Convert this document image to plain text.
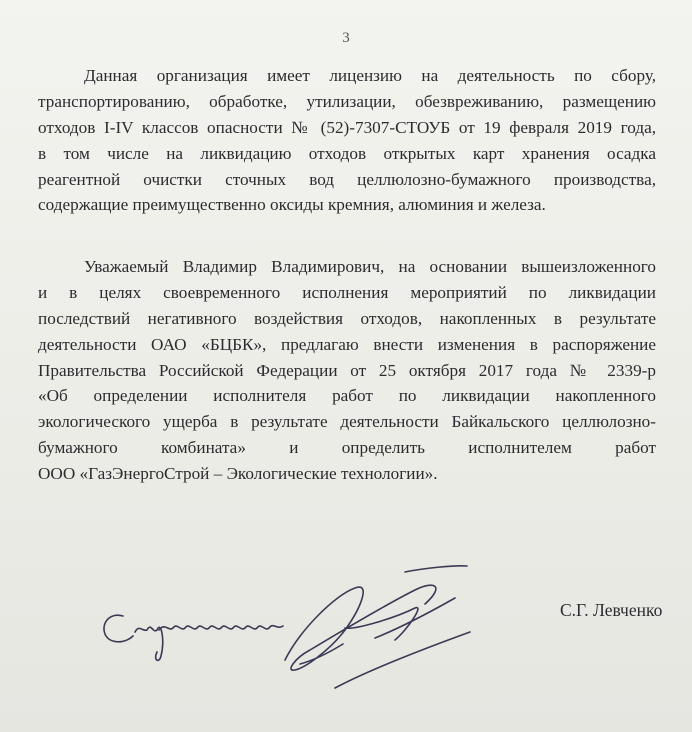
3
Данная организация имеет лицензию на деятельность по сбору,
транспортированию, обработке, утилизации, обезвреживанию, размещению
отходов I-IV классов опасности № (52)-7307-СТОУБ от 19 февраля 2019 года,
в том числе на ликвидацию отходов открытых карт хранения осадка
реагентной очистки сточных вод целлюлозно-бумажного производства,
содержащие преимущественно оксиды кремния, алюминия и железа.
Уважаемый Владимир Владимирович, на основании вышеизложенного
и в целях своевременного исполнения мероприятий по ликвидации
последствий негативного воздействия отходов, накопленных в результате
деятельности ОАО «БЦБК», предлагаю внести изменения в распоряжение
Правительства Российской Федерации от 25 октября 2017 года № 2339-р
«Об определении исполнителя работ по ликвидации накопленного
экологического ущерба в результате деятельности Байкальского целлюлозно-
бумажного комбината» и определить исполнителем работ
ООО «ГазЭнергоСтрой – Экологические технологии».
С.Г. Левченко
